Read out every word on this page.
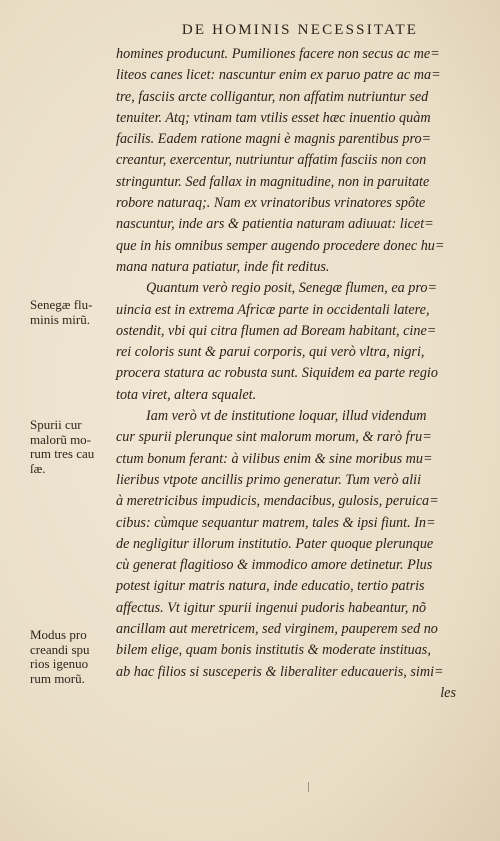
DE HOMINIS NECESSITATE
homines producunt. Pumiliones facere non secus ac me=
liteos canes licet: nascuntur enim ex paruo patre ac ma=
tre, fasciis arcte colligantur, non affatim nutriuntur sed
tenuiter. Atq; vtinam tam vtilis esset hæc inuentio quàm
facilis. Eadem ratione magni è magnis parentibus pro=
creantur, exercentur, nutriuntur affatim fasciis non con
stringuntur. Sed fallax in magnitudine, non in paruitate
robore naturaq;. Nam ex vrinatoribus vrinatores spôte
nascuntur, inde ars & patientia naturam adiuuat: licet=
que in his omnibus semper augendo procedere donec hu=
mana natura patiatur, inde fit reditus.
Quantum verò regio posit, Senegæ flumen, ea pro=
uincia est in extrema Africæ parte in occidentali latere,
ostendit, vbi qui citra flumen ad Boream habitant, cine=
rei coloris sunt & parui corporis, qui verò vltra, nigri,
procera statura ac robusta sunt. Siquidem ea parte regio
tota viret, altera squalet.
Iam verò vt de institutione loquar, illud videndum
cur spurii plerunque sint malorum morum, & rarò fru=
ctum bonum ferant: à vilibus enim & sine moribus mu=
lieribus vtpote ancillis primo generatur. Tum verò alii
à meretricibus impudicis, mendacibus, gulosis, peruica=
cibus: cùmque sequantur matrem, tales & ipsi fiunt. In=
de negligitur illorum institutio. Pater quoque plerunque
cù generat flagitioso & immodico amore detinetur. Plus
potest igitur matris natura, inde educatio, tertio patris
affectus. Vt igitur spurii ingenui pudoris habeantur, nõ
ancillam aut meretricem, sed virginem, pauperem sed no
bilem elige, quam bonis institutis & moderate instituas,
ab hac filios si susceperis & liberaliter educaueris, simi=
les
Senegæ flu-
minis mirũ.
Spurii cur
malorũ mo-
rum tres cau
ſæ.
Modus pro
creandi spu
rios igenuo
rum morũ.
